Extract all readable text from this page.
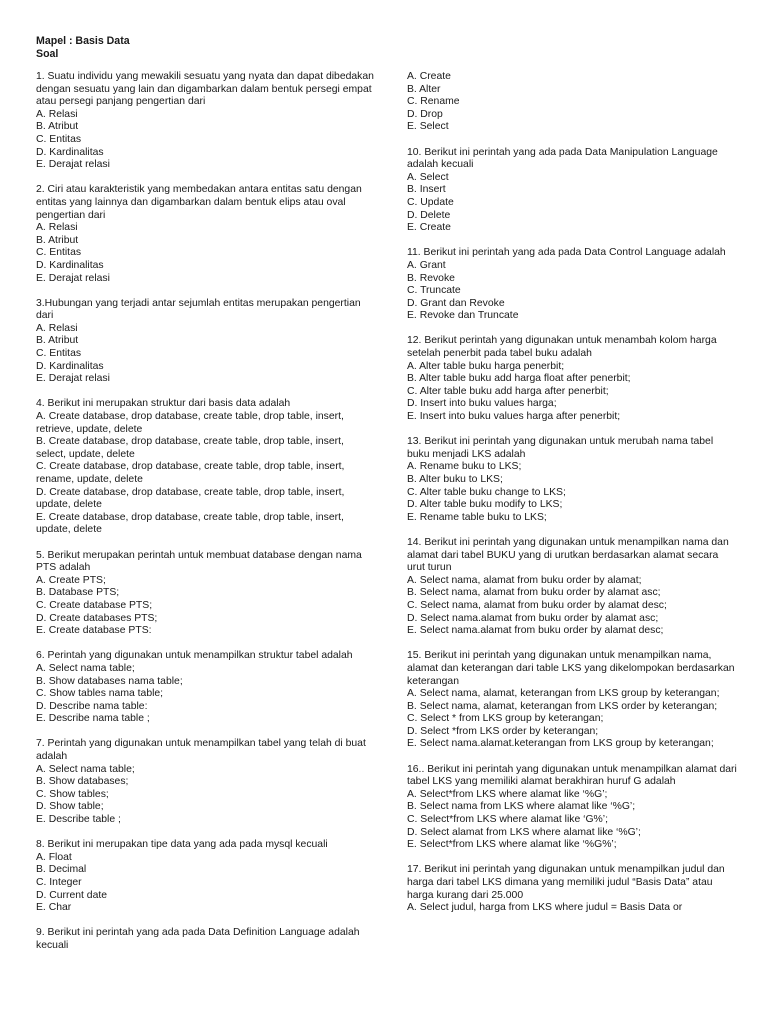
Mapel : Basis Data
Soal
1. Suatu individu yang mewakili sesuatu yang nyata dan dapat dibedakan dengan sesuatu yang lain dan digambarkan dalam bentuk persegi empat atau persegi panjang pengertian dari
A. Relasi
B. Atribut
C. Entitas
D. Kardinalitas
E. Derajat relasi
2. Ciri atau karakteristik yang membedakan antara entitas satu dengan entitas yang lainnya dan digambarkan dalam bentuk elips atau oval pengertian dari
A. Relasi
B. Atribut
C. Entitas
D. Kardinalitas
E. Derajat relasi
3.Hubungan yang terjadi antar sejumlah entitas merupakan pengertian dari
A. Relasi
B. Atribut
C. Entitas
D. Kardinalitas
E. Derajat relasi
4. Berikut ini merupakan struktur dari basis data adalah
A. Create database, drop database, create table, drop table, insert, retrieve, update, delete
B. Create database, drop database, create table, drop table, insert, select, update, delete
C. Create database, drop database, create table, drop table, insert, rename, update, delete
D. Create database, drop database, create table, drop table, insert, update, delete
E. Create database, drop database, create table, drop table, insert, update, delete
5. Berikut merupakan perintah untuk membuat database dengan nama PTS adalah
A. Create PTS;
B. Database PTS;
C. Create database PTS;
D. Create databases PTS;
E. Create database PTS:
6. Perintah yang digunakan untuk menampilkan struktur tabel adalah
A. Select nama table;
B. Show databases nama table;
C. Show tables nama table;
D. Describe nama table:
E. Describe nama table ;
7. Perintah yang digunakan untuk menampilkan tabel yang telah di buat adalah
A. Select nama table;
B. Show databases;
C. Show tables;
D. Show table;
E. Describe table ;
8. Berikut ini merupakan tipe data yang ada pada mysql kecuali
A. Float
B. Decimal
C. Integer
D. Current date
E. Char
9. Berikut ini perintah yang ada pada Data Definition Language adalah kecuali
A. Create
B. Alter
C. Rename
D. Drop
E. Select
10. Berikut ini perintah yang ada pada Data Manipulation Language adalah kecuali
A. Select
B. Insert
C. Update
D. Delete
E. Create
11. Berikut ini perintah yang ada pada Data Control Language adalah
A. Grant
B. Revoke
C. Truncate
D. Grant dan Revoke
E. Revoke dan Truncate
12. Berikut perintah yang digunakan untuk menambah kolom harga setelah penerbit pada tabel buku adalah
A. Alter table buku harga penerbit;
B. Alter table buku add harga float after penerbit;
C. Alter table buku add harga after penerbit;
D. Insert into buku values harga;
E. Insert into buku values harga after penerbit;
13. Berikut ini perintah yang digunakan untuk merubah nama tabel buku menjadi LKS adalah
A. Rename buku to LKS;
B. Alter buku to LKS;
C. Alter table buku change to LKS;
D. Alter table buku modify to LKS;
E. Rename table buku to LKS;
14. Berikut ini perintah yang digunakan untuk menampilkan nama dan alamat dari tabel BUKU yang di urutkan berdasarkan alamat secara urut turun
A. Select nama, alamat from buku order by alamat;
B. Select nama, alamat from buku order by alamat asc;
C. Select nama, alamat from buku order by alamat desc;
D. Select nama.alamat from buku order by alamat asc;
E. Select nama.alamat from buku order by alamat desc;
15. Berikut ini perintah yang digunakan untuk menampilkan nama, alamat dan keterangan dari table LKS yang dikelompokan berdasarkan keterangan
A. Select nama, alamat, keterangan from LKS group by keterangan;
B. Select nama, alamat, keterangan from LKS order by keterangan;
C. Select * from LKS group by keterangan;
D. Select *from LKS order by keterangan;
E. Select nama.alamat.keterangan from LKS group by keterangan;
16.. Berikut ini perintah yang digunakan untuk menampilkan alamat dari tabel LKS yang memiliki alamat berakhiran huruf G adalah
A. Select*from LKS where alamat like ‘%G’;
B. Select nama from LKS where alamat like ‘%G’;
C. Select*from LKS where alamat like ‘G%’;
D. Select alamat from LKS where alamat like ‘%G’;
E. Select*from LKS where alamat like ‘%G%’;
17. Berikut ini perintah yang digunakan untuk menampilkan judul dan harga dari tabel LKS dimana yang memiliki judul “Basis Data” atau harga kurang dari 25.000
A. Select judul, harga from LKS where judul = Basis Data or
